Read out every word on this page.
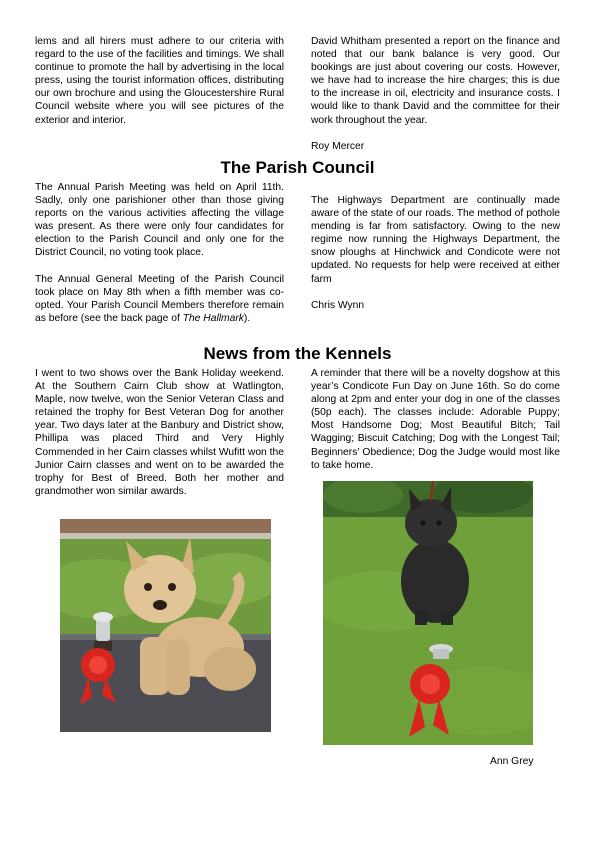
lems and all hirers must adhere to our criteria with regard to the use of the facilities and timings. We shall continue to promote the hall by advertising in the local press, using the tourist information offices, distributing our own brochure and using the Gloucestershire Rural Council website where you will see pictures of the exterior and interior.

David Whitham presented a report on the finance and noted that our bank balance is very good. Our bookings are just about covering our costs. However, we have had to increase the hire charges; this is due to the increase in oil, electricity and insurance costs. I would like to thank David and the committee for their work throughout the year.

Roy Mercer

The Parish Council

The Annual Parish Meeting was held on April 11th. Sadly, only one parishioner other than those giving reports on the various activities affecting the village was present. As there were only four candidates for election to the Parish Council and only one for the District Council, no voting took place.

The Annual General Meeting of the Parish Council took place on May 8th when a fifth member was co-opted. Your Parish Council Members therefore remain as before (see the back page of The Hallmark).

The Highways Department are continually made aware of the state of our roads. The method of pothole mending is far from satisfactory. Owing to the new regime now running the Highways Department, the snow ploughs at Hinchwick and Condicote were not updated. No requests for help were received at either farm

Chris Wynn

News from the Kennels

I went to two shows over the Bank Holiday weekend. At the Southern Cairn Club show at Watlington, Maple, now twelve, won the Senior Veteran Class and retained the trophy for Best Veteran Dog for another year. Two days later at the Banbury and District show, Phillipa was placed Third and Very Highly Commended in her Cairn classes whilst Wufitt won the Junior Cairn classes and went on to be awarded the trophy for Best of Breed. Both her mother and grandmother won similar awards.

A reminder that there will be a novelty dogshow at this year’s Condicote Fun Day on June 16th. So do come along at 2pm and enter your dog in one of the classes (50p each). The classes include: Adorable Puppy; Most Handsome Dog; Most Beautiful Bitch; Tail Wagging; Biscuit Catching; Dog with the Longest Tail; Beginners’ Obedience; Dog the Judge would most like to take home.

Ann Grey
